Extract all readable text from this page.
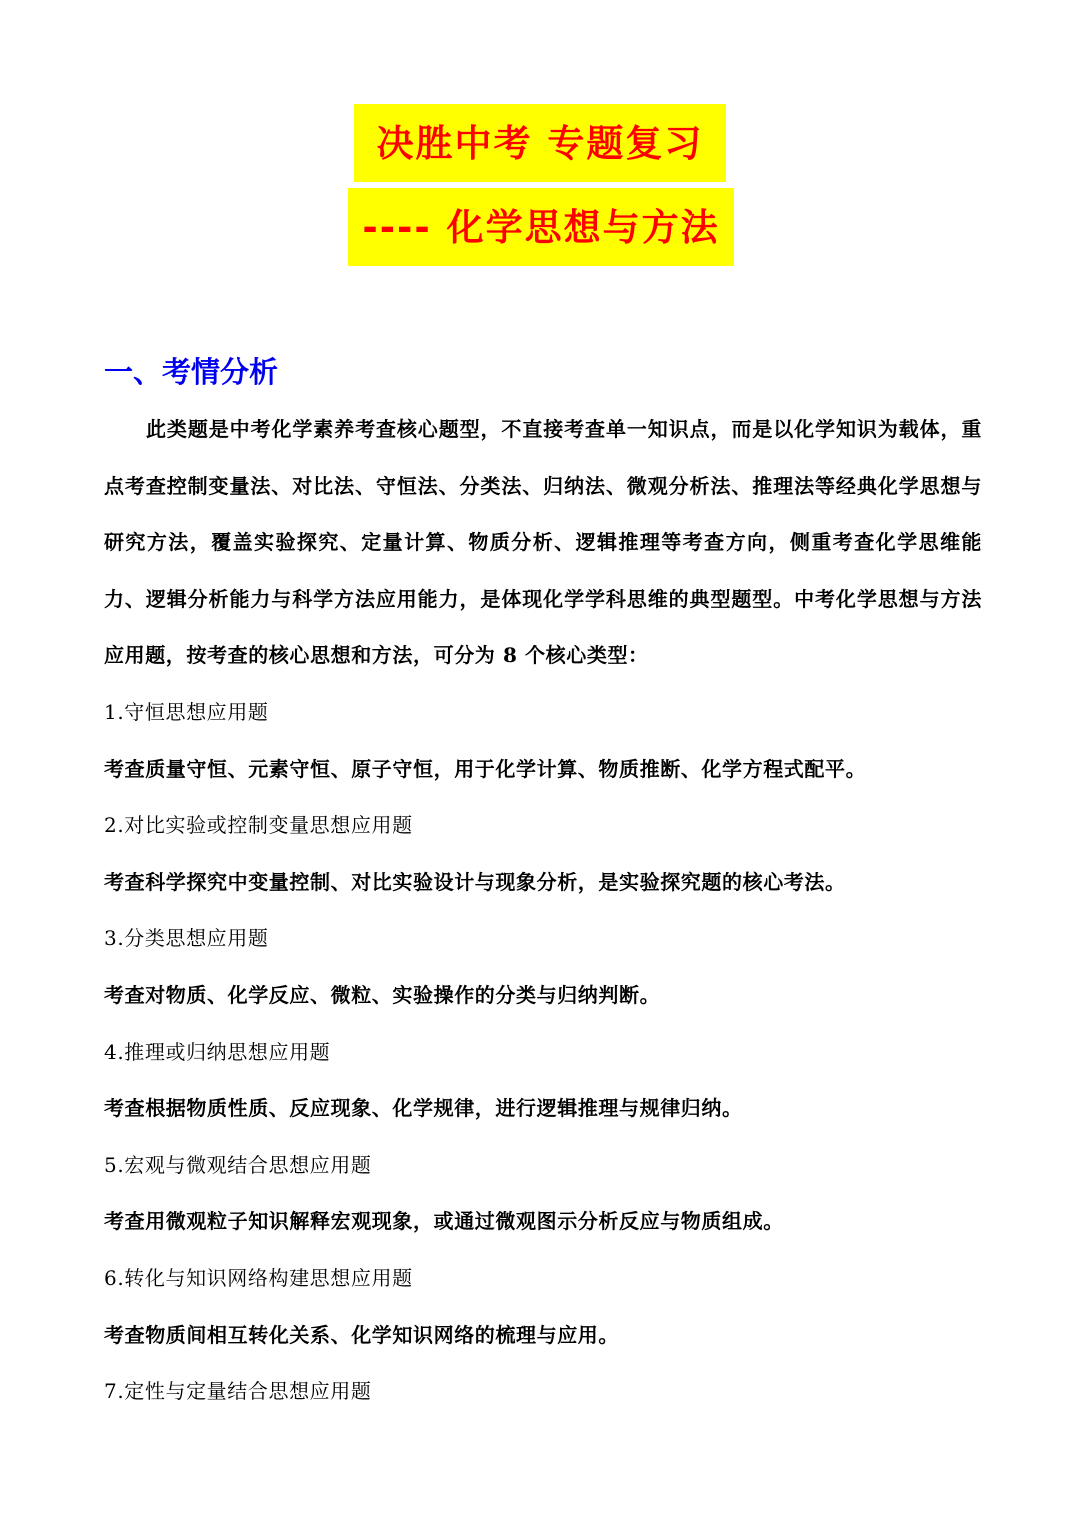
决胜中考 专题复习
---- 化学思想与方法
一、考情分析

此类题是中考化学素养考查核心题型，不直接考查单一知识点，而是以化学知识为载体，重点考查控制变量法、对比法、守恒法、分类法、归纳法、微观分析法、推理法等经典化学思想与研究方法，覆盖实验探究、定量计算、物质分析、逻辑推理等考查方向，侧重考查化学思维能力、逻辑分析能力与科学方法应用能力，是体现化学学科思维的典型题型。中考化学思想与方法应用题，按考查的核心思想和方法，可分为 8 个核心类型：

1.守恒思想应用题
考查质量守恒、元素守恒、原子守恒，用于化学计算、物质推断、化学方程式配平。
2.对比实验或控制变量思想应用题
考查科学探究中变量控制、对比实验设计与现象分析，是实验探究题的核心考法。
3.分类思想应用题
考查对物质、化学反应、微粒、实验操作的分类与归纳判断。
4.推理或归纳思想应用题
考查根据物质性质、反应现象、化学规律，进行逻辑推理与规律归纳。
5.宏观与微观结合思想应用题
考查用微观粒子知识解释宏观现象，或通过微观图示分析反应与物质组成。
6.转化与知识网络构建思想应用题
考查物质间相互转化关系、化学知识网络的梳理与应用。
7.定性与定量结合思想应用题
